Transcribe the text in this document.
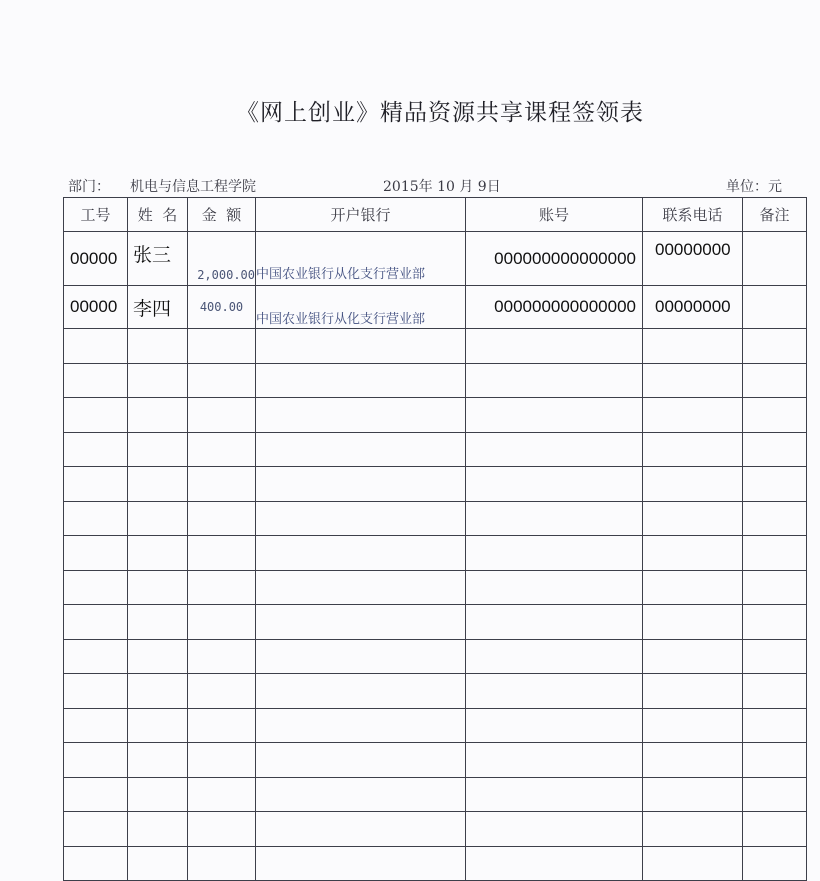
《网上创业》精品资源共享课程签领表
部门： 机电与信息工程学院	2015年 10 月 9日	单位：元
工号	姓  名	金  额	开户银行	账号	联系电话	备注
00000	张三	2,000.00	中国农业银行从化支行营业部	000000000000000	00000000	
00000	李四	400.00	中国农业银行从化支行营业部	000000000000000	00000000	
